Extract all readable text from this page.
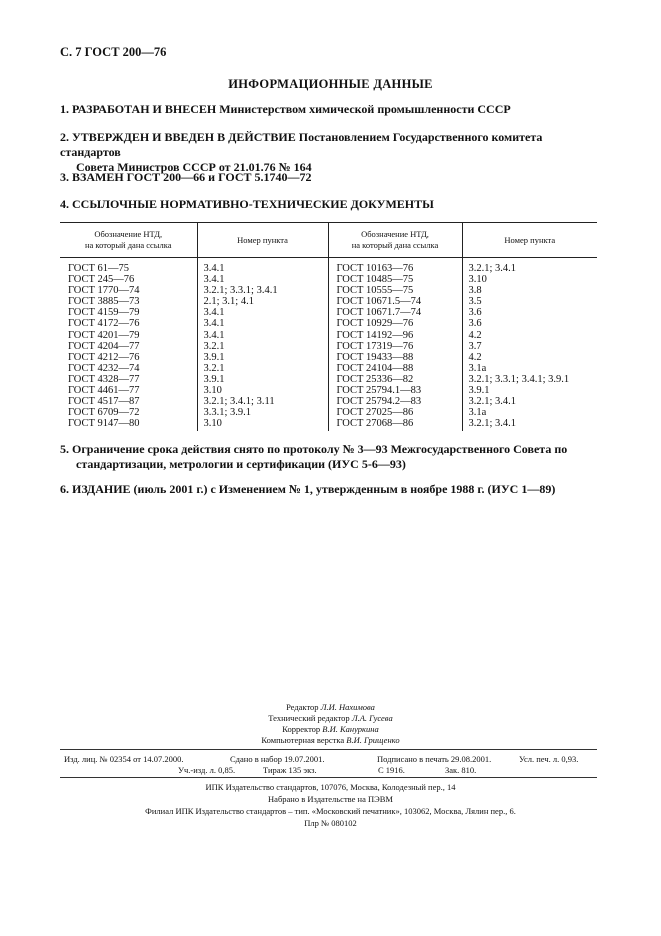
С. 7 ГОСТ 200—76
ИНФОРМАЦИОННЫЕ ДАННЫЕ
1. РАЗРАБОТАН И ВНЕСЕН Министерством химической промышленности СССР
2. УТВЕРЖДЕН И ВВЕДЕН В ДЕЙСТВИЕ Постановлением Государственного комитета стандартов
Совета Министров СССР от 21.01.76 № 164
3. ВЗАМЕН ГОСТ 200—66 и ГОСТ 5.1740—72
4. ССЫЛОЧНЫЕ НОРМАТИВНО-ТЕХНИЧЕСКИЕ ДОКУМЕНТЫ
Обозначение НТД,
на который дана ссылка	Номер пункта	Обозначение НТД,
на который дана ссылка	Номер пункта
ГОСТ 61—75	3.4.1	ГОСТ 10163—76	3.2.1; 3.4.1
ГОСТ 245—76	3.4.1	ГОСТ 10485—75	3.10
ГОСТ 1770—74	3.2.1; 3.3.1; 3.4.1	ГОСТ 10555—75	3.8
ГОСТ 3885—73	2.1; 3.1; 4.1	ГОСТ 10671.5—74	3.5
ГОСТ 4159—79	3.4.1	ГОСТ 10671.7—74	3.6
ГОСТ 4172—76	3.4.1	ГОСТ 10929—76	3.6
ГОСТ 4201—79	3.4.1	ГОСТ 14192—96	4.2
ГОСТ 4204—77	3.2.1	ГОСТ 17319—76	3.7
ГОСТ 4212—76	3.9.1	ГОСТ 19433—88	4.2
ГОСТ 4232—74	3.2.1	ГОСТ 24104—88	3.1а
ГОСТ 4328—77	3.9.1	ГОСТ 25336—82	3.2.1; 3.3.1; 3.4.1; 3.9.1
ГОСТ 4461—77	3.10	ГОСТ 25794.1—83	3.9.1
ГОСТ 4517—87	3.2.1; 3.4.1; 3.11	ГОСТ 25794.2—83	3.2.1; 3.4.1
ГОСТ 6709—72	3.3.1; 3.9.1	ГОСТ 27025—86	3.1а
ГОСТ 9147—80	3.10	ГОСТ 27068—86	3.2.1; 3.4.1
5. Ограничение срока действия снято по протоколу № 3—93 Межгосударственного Совета по
стандартизации, метрологии и сертификации (ИУС 5-6—93)
6. ИЗДАНИЕ (июль 2001 г.) с Изменением № 1, утвержденным в ноябре 1988 г. (ИУС 1—89)
Редактор Л.И. Нахимова
Технический редактор Л.А. Гусева
Корректор В.И. Кануркина
Компьютерная верстка В.И. Грищенко
Изд. лиц. № 02354 от 14.07.2000.	Сдано в набор 19.07.2001.	Подписано в печать 29.08.2001.	Усл. печ. л. 0,93.
Уч.-изд. л. 0,85.	Тираж 135 экз.	С 1916.	Зак. 810.
ИПК Издательство стандартов, 107076, Москва, Колодезный пер., 14
Набрано в Издательстве на ПЭВМ
Филиал ИПК Издательство стандартов – тип. «Московский печатник», 103062, Москва, Лялин пер., 6.
Плр № 080102
